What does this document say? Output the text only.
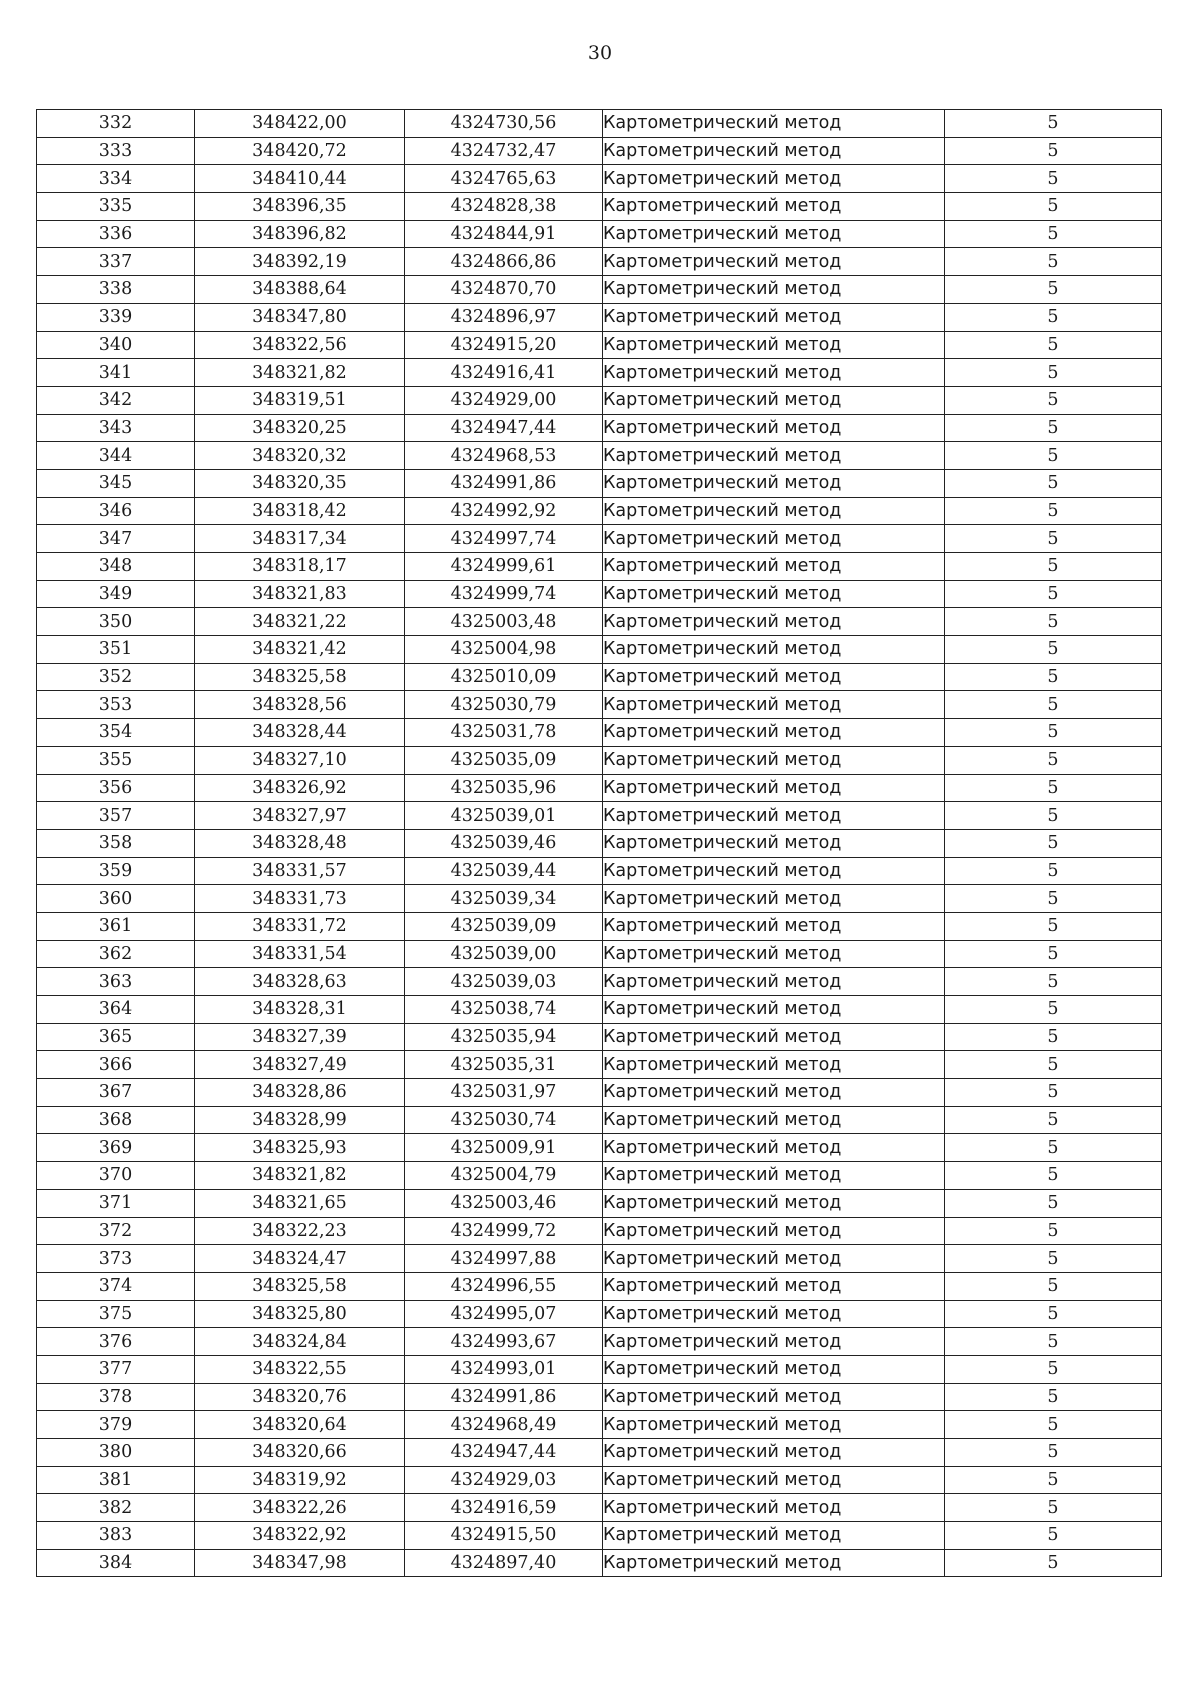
30
332	348422,00	4324730,56	Картометрический метод	5
333	348420,72	4324732,47	Картометрический метод	5
334	348410,44	4324765,63	Картометрический метод	5
335	348396,35	4324828,38	Картометрический метод	5
336	348396,82	4324844,91	Картометрический метод	5
337	348392,19	4324866,86	Картометрический метод	5
338	348388,64	4324870,70	Картометрический метод	5
339	348347,80	4324896,97	Картометрический метод	5
340	348322,56	4324915,20	Картометрический метод	5
341	348321,82	4324916,41	Картометрический метод	5
342	348319,51	4324929,00	Картометрический метод	5
343	348320,25	4324947,44	Картометрический метод	5
344	348320,32	4324968,53	Картометрический метод	5
345	348320,35	4324991,86	Картометрический метод	5
346	348318,42	4324992,92	Картометрический метод	5
347	348317,34	4324997,74	Картометрический метод	5
348	348318,17	4324999,61	Картометрический метод	5
349	348321,83	4324999,74	Картометрический метод	5
350	348321,22	4325003,48	Картометрический метод	5
351	348321,42	4325004,98	Картометрический метод	5
352	348325,58	4325010,09	Картометрический метод	5
353	348328,56	4325030,79	Картометрический метод	5
354	348328,44	4325031,78	Картометрический метод	5
355	348327,10	4325035,09	Картометрический метод	5
356	348326,92	4325035,96	Картометрический метод	5
357	348327,97	4325039,01	Картометрический метод	5
358	348328,48	4325039,46	Картометрический метод	5
359	348331,57	4325039,44	Картометрический метод	5
360	348331,73	4325039,34	Картометрический метод	5
361	348331,72	4325039,09	Картометрический метод	5
362	348331,54	4325039,00	Картометрический метод	5
363	348328,63	4325039,03	Картометрический метод	5
364	348328,31	4325038,74	Картометрический метод	5
365	348327,39	4325035,94	Картометрический метод	5
366	348327,49	4325035,31	Картометрический метод	5
367	348328,86	4325031,97	Картометрический метод	5
368	348328,99	4325030,74	Картометрический метод	5
369	348325,93	4325009,91	Картометрический метод	5
370	348321,82	4325004,79	Картометрический метод	5
371	348321,65	4325003,46	Картометрический метод	5
372	348322,23	4324999,72	Картометрический метод	5
373	348324,47	4324997,88	Картометрический метод	5
374	348325,58	4324996,55	Картометрический метод	5
375	348325,80	4324995,07	Картометрический метод	5
376	348324,84	4324993,67	Картометрический метод	5
377	348322,55	4324993,01	Картометрический метод	5
378	348320,76	4324991,86	Картометрический метод	5
379	348320,64	4324968,49	Картометрический метод	5
380	348320,66	4324947,44	Картометрический метод	5
381	348319,92	4324929,03	Картометрический метод	5
382	348322,26	4324916,59	Картометрический метод	5
383	348322,92	4324915,50	Картометрический метод	5
384	348347,98	4324897,40	Картометрический метод	5
